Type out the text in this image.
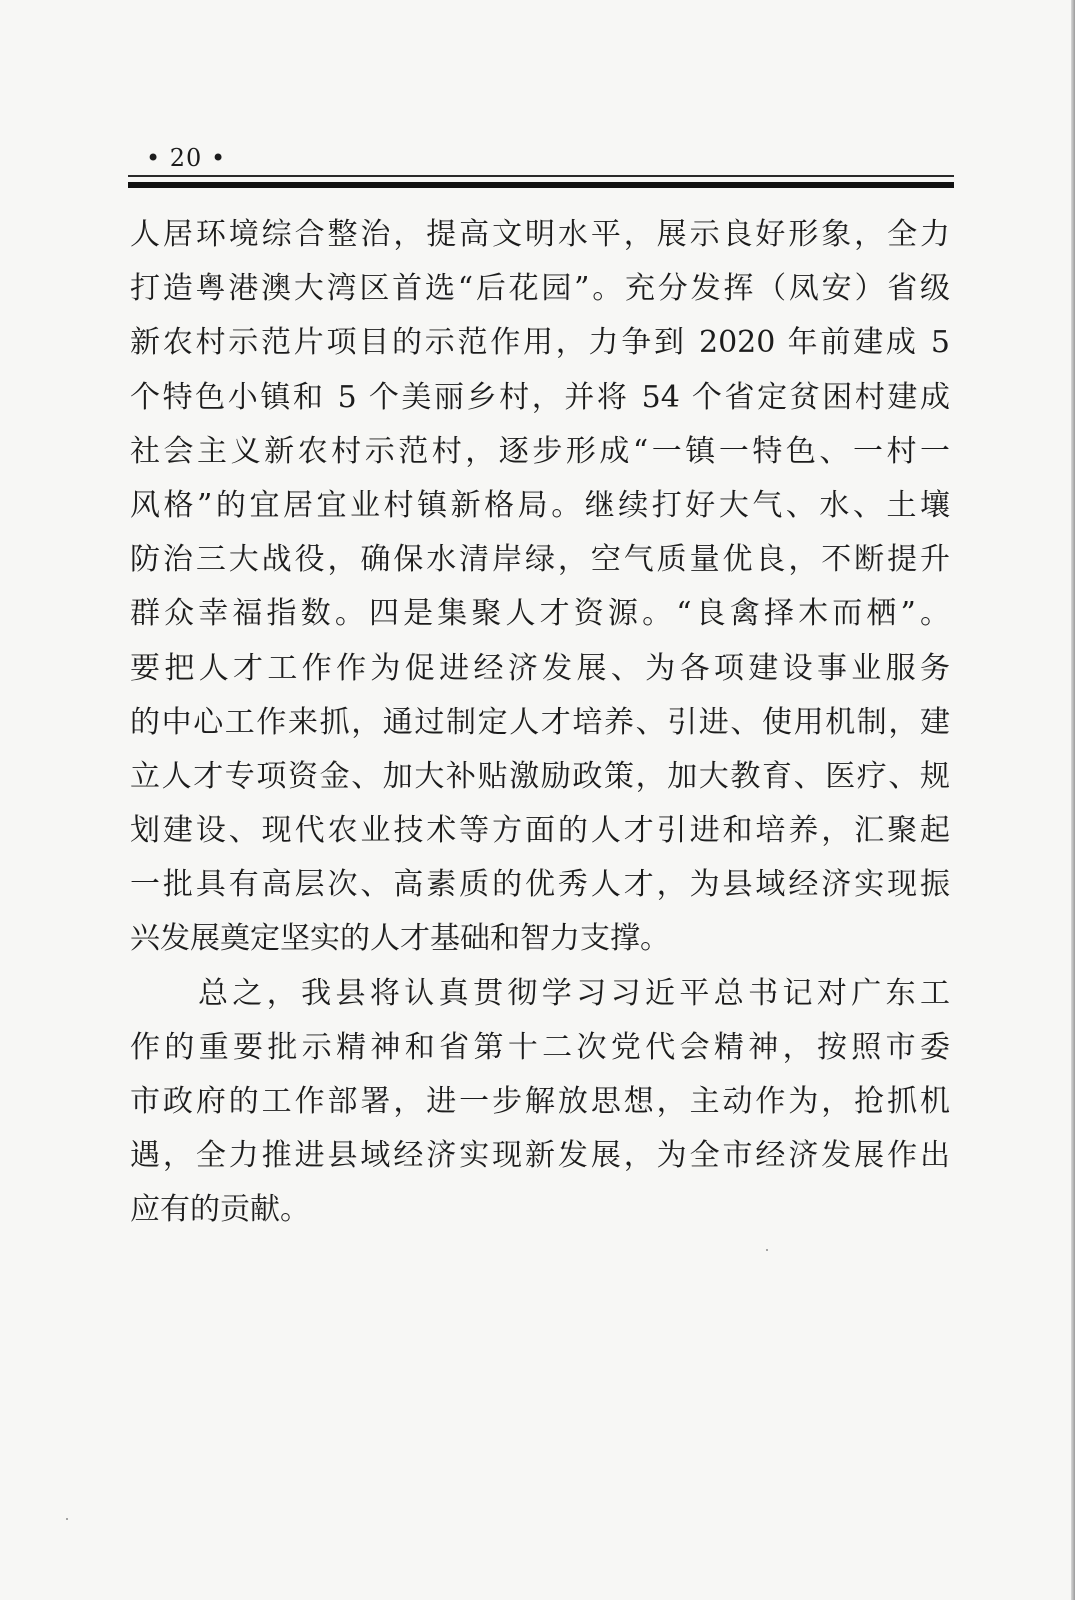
• 20 •
人居环境综合整治，提高文明水平，展示良好形象，全力
打造粤港澳大湾区首选“后花园”。充分发挥（凤安）省级
新农村示范片项目的示范作用，力争到 2020 年前建成 5
个特色小镇和 5 个美丽乡村，并将 54 个省定贫困村建成
社会主义新农村示范村，逐步形成“一镇一特色、一村一
风格”的宜居宜业村镇新格局。继续打好大气、水、土壤
防治三大战役，确保水清岸绿，空气质量优良，不断提升
群众幸福指数。四是集聚人才资源。“良禽择木而栖”。
要把人才工作作为促进经济发展、为各项建设事业服务
的中心工作来抓，通过制定人才培养、引进、使用机制，建
立人才专项资金、加大补贴激励政策，加大教育、医疗、规
划建设、现代农业技术等方面的人才引进和培养，汇聚起
一批具有高层次、高素质的优秀人才，为县域经济实现振
兴发展奠定坚实的人才基础和智力支撑。
总之，我县将认真贯彻学习习近平总书记对广东工
作的重要批示精神和省第十二次党代会精神，按照市委
市政府的工作部署，进一步解放思想，主动作为，抢抓机
遇，全力推进县域经济实现新发展，为全市经济发展作出
应有的贡献。
